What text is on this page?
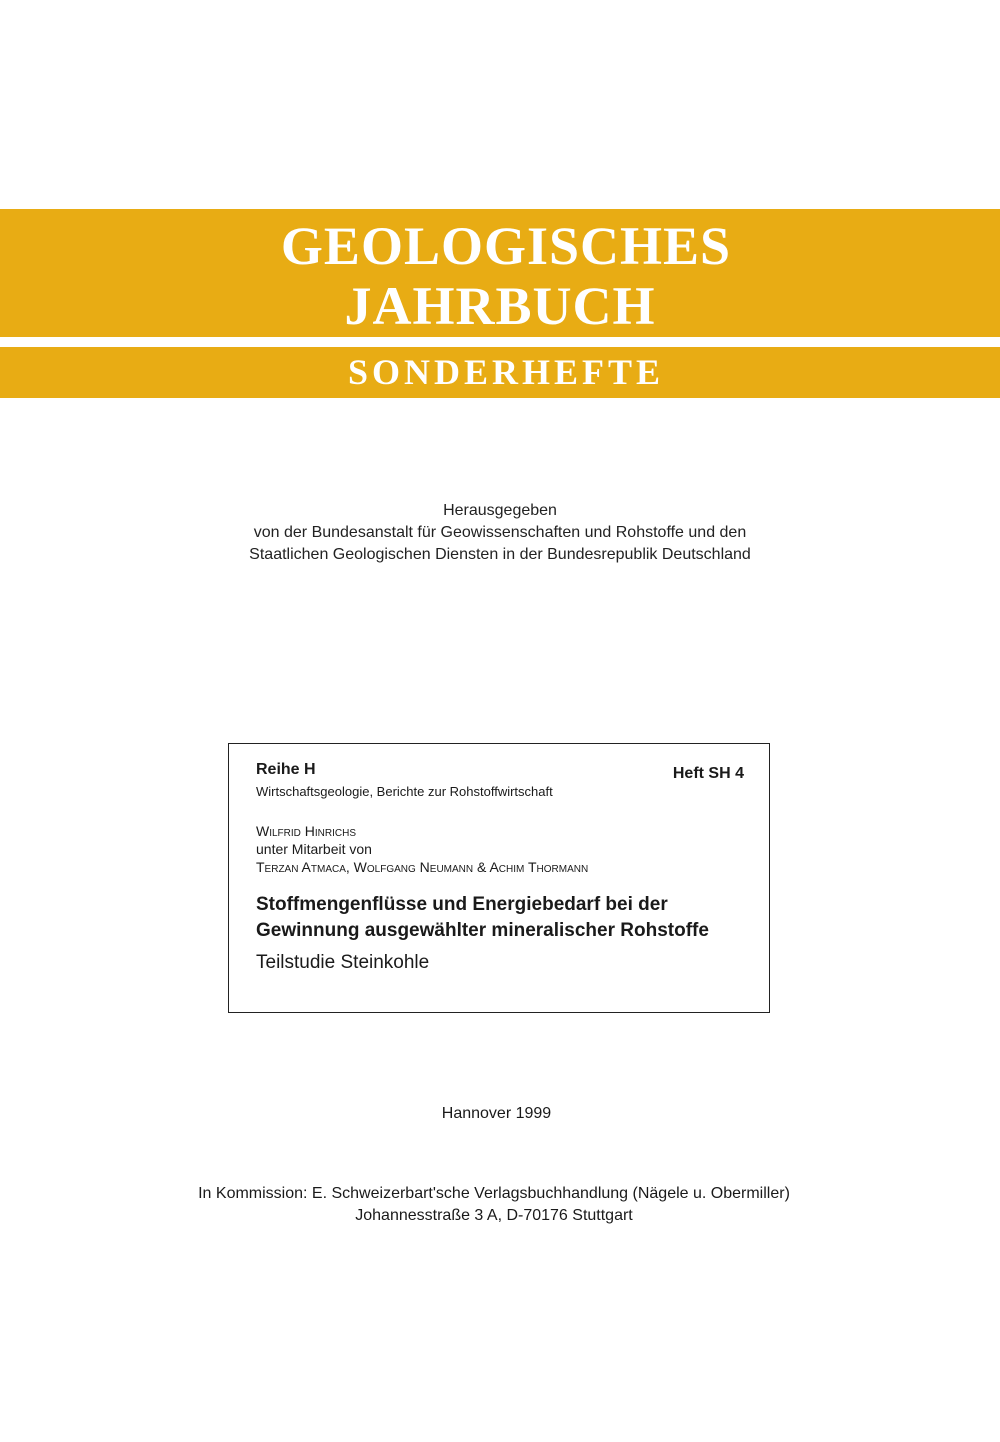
GEOLOGISCHES
JAHRBUCH
SONDERHEFTE
Herausgegeben
von der Bundesanstalt für Geowissenschaften und Rohstoffe und den
Staatlichen Geologischen Diensten in der Bundesrepublik Deutschland
Reihe H
Wirtschaftsgeologie, Berichte zur Rohstoffwirtschaft
Heft SH 4
Wilfrid Hinrichs
unter Mitarbeit von
Terzan Atmaca, Wolfgang Neumann & Achim Thormann
Stoffmengenflüsse und Energiebedarf bei der
Gewinnung ausgewählter mineralischer Rohstoffe
Teilstudie Steinkohle
Hannover 1999
In Kommission: E. Schweizerbart'sche Verlagsbuchhandlung (Nägele u. Obermiller)
Johannesstraße 3 A, D-70176 Stuttgart
